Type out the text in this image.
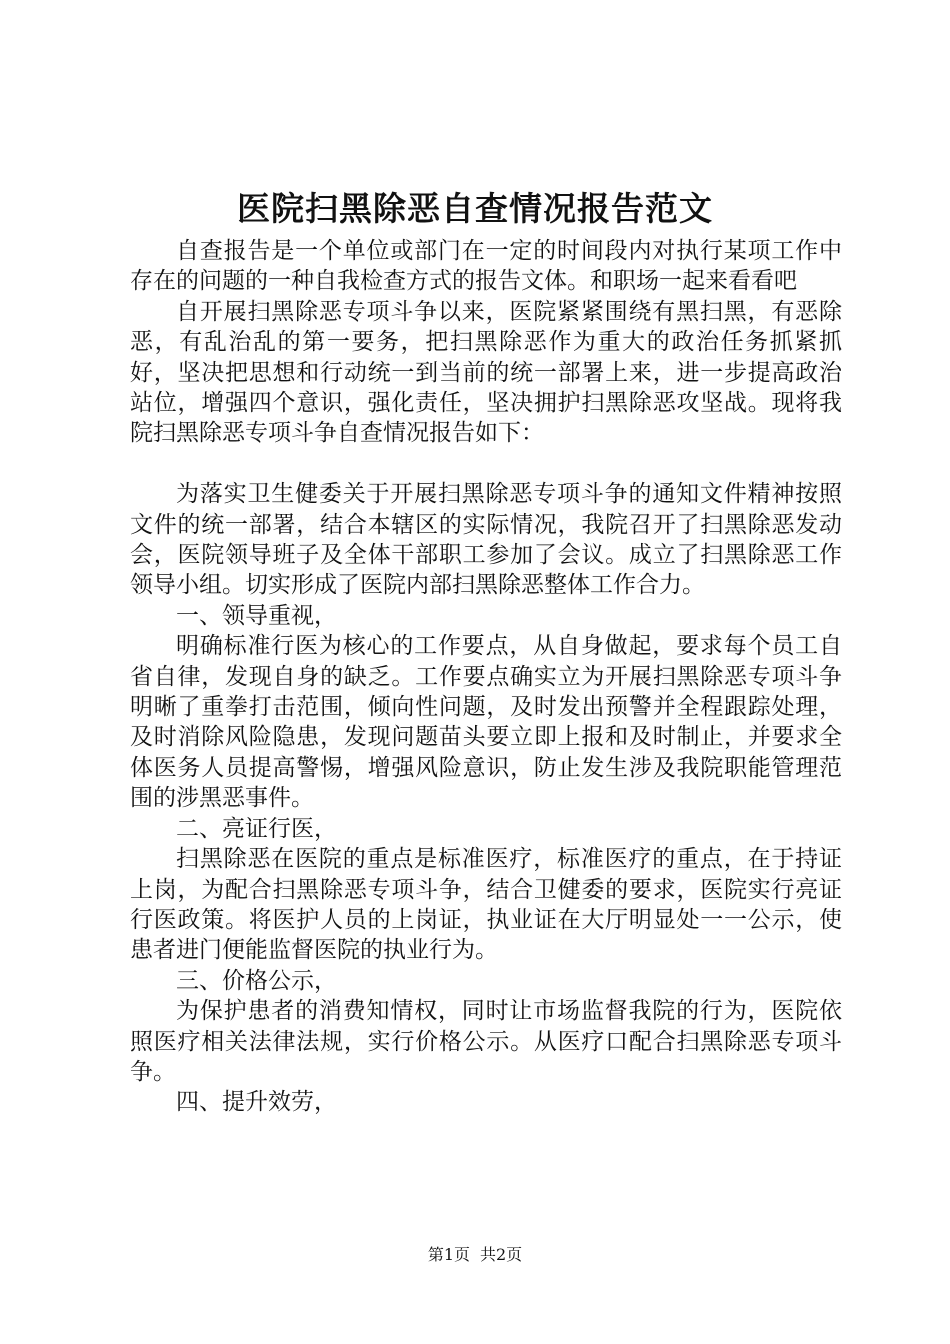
医院扫黑除恶自查情况报告范文

自查报告是一个单位或部门在一定的时间段内对执行某项工作中存在的问题的一种自我检查方式的报告文体。和职场一起来看看吧

自开展扫黑除恶专项斗争以来，医院紧紧围绕有黑扫黑，有恶除恶，有乱治乱的第一要务，把扫黑除恶作为重大的政治任务抓紧抓好，坚决把思想和行动统一到当前的统一部署上来，进一步提高政治站位，增强四个意识，强化责任，坚决拥护扫黑除恶攻坚战。现将我院扫黑除恶专项斗争自查情况报告如下：

为落实卫生健委关于开展扫黑除恶专项斗争的通知文件精神按照文件的统一部署，结合本辖区的实际情况，我院召开了扫黑除恶发动会，医院领导班子及全体干部职工参加了会议。成立了扫黑除恶工作领导小组。切实形成了医院内部扫黑除恶整体工作合力。

一、领导重视，

明确标准行医为核心的工作要点，从自身做起，要求每个员工自省自律，发现自身的缺乏。工作要点确实立为开展扫黑除恶专项斗争明晰了重拳打击范围，倾向性问题，及时发出预警并全程跟踪处理，及时消除风险隐患，发现问题苗头要立即上报和及时制止，并要求全体医务人员提高警惕，增强风险意识，防止发生涉及我院职能管理范围的涉黑恶事件。

二、亮证行医，

扫黑除恶在医院的重点是标准医疗，标准医疗的重点，在于持证上岗，为配合扫黑除恶专项斗争，结合卫健委的要求，医院实行亮证行医政策。将医护人员的上岗证，执业证在大厅明显处一一公示，使患者进门便能监督医院的执业行为。

三、价格公示，

为保护患者的消费知情权，同时让市场监督我院的行为，医院依照医疗相关法律法规，实行价格公示。从医疗口配合扫黑除恶专项斗争。

四、提升效劳，

第1页 共2页
